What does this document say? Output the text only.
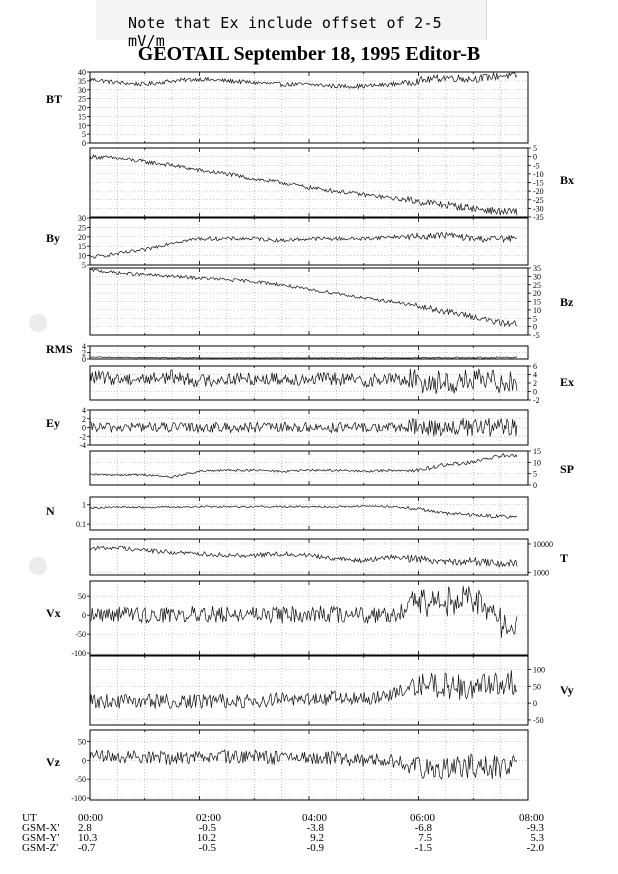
Note that Ex include offset of 2-5 mV/m
GEOTAIL September 18, 1995 Editor-B
0
5
10
15
20
25
30
35
40
BT
5
0
-5
-10
-15
-20
-25
-30
-35
Bx
5
10
15
20
25
30
By
-5
0
5
10
15
20
25
30
35
Bz
0
2
4
RMS
-2
0
2
4
6
Ex
-4
-2
0
2
4
Ey
0
5
10
15
SP
0.1
1
N
1000
10000
T
-100
-50
0
50
Vx
-50
0
50
100
Vy
-100
-50
0
50
Vz
UT
GSM-X'
GSM-Y'
GSM-Z'
00:00
2.8
10.3
-0.7
02:00
-0.5
10.2
-0.5
04:00
-3.8
9.2
-0.9
06:00
-6.8
7.5
-1.5
08:00
-9.3
5.3
-2.0
